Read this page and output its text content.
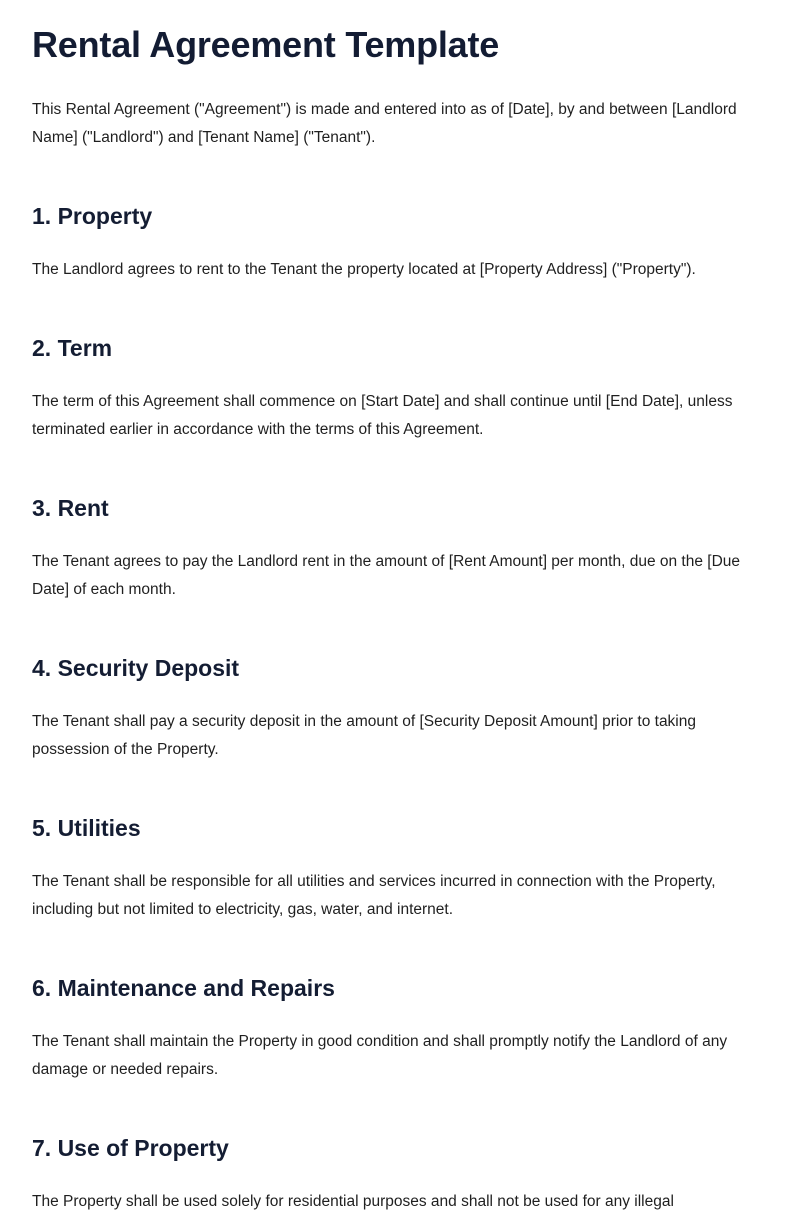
Rental Agreement Template

This Rental Agreement ("Agreement") is made and entered into as of [Date], by and between [Landlord Name] ("Landlord") and [Tenant Name] ("Tenant").

1. Property

The Landlord agrees to rent to the Tenant the property located at [Property Address] ("Property").

2. Term

The term of this Agreement shall commence on [Start Date] and shall continue until [End Date], unless terminated earlier in accordance with the terms of this Agreement.

3. Rent

The Tenant agrees to pay the Landlord rent in the amount of [Rent Amount] per month, due on the [Due Date] of each month.

4. Security Deposit

The Tenant shall pay a security deposit in the amount of [Security Deposit Amount] prior to taking possession of the Property.

5. Utilities

The Tenant shall be responsible for all utilities and services incurred in connection with the Property, including but not limited to electricity, gas, water, and internet.

6. Maintenance and Repairs

The Tenant shall maintain the Property in good condition and shall promptly notify the Landlord of any damage or needed repairs.

7. Use of Property

The Property shall be used solely for residential purposes and shall not be used for any illegal
